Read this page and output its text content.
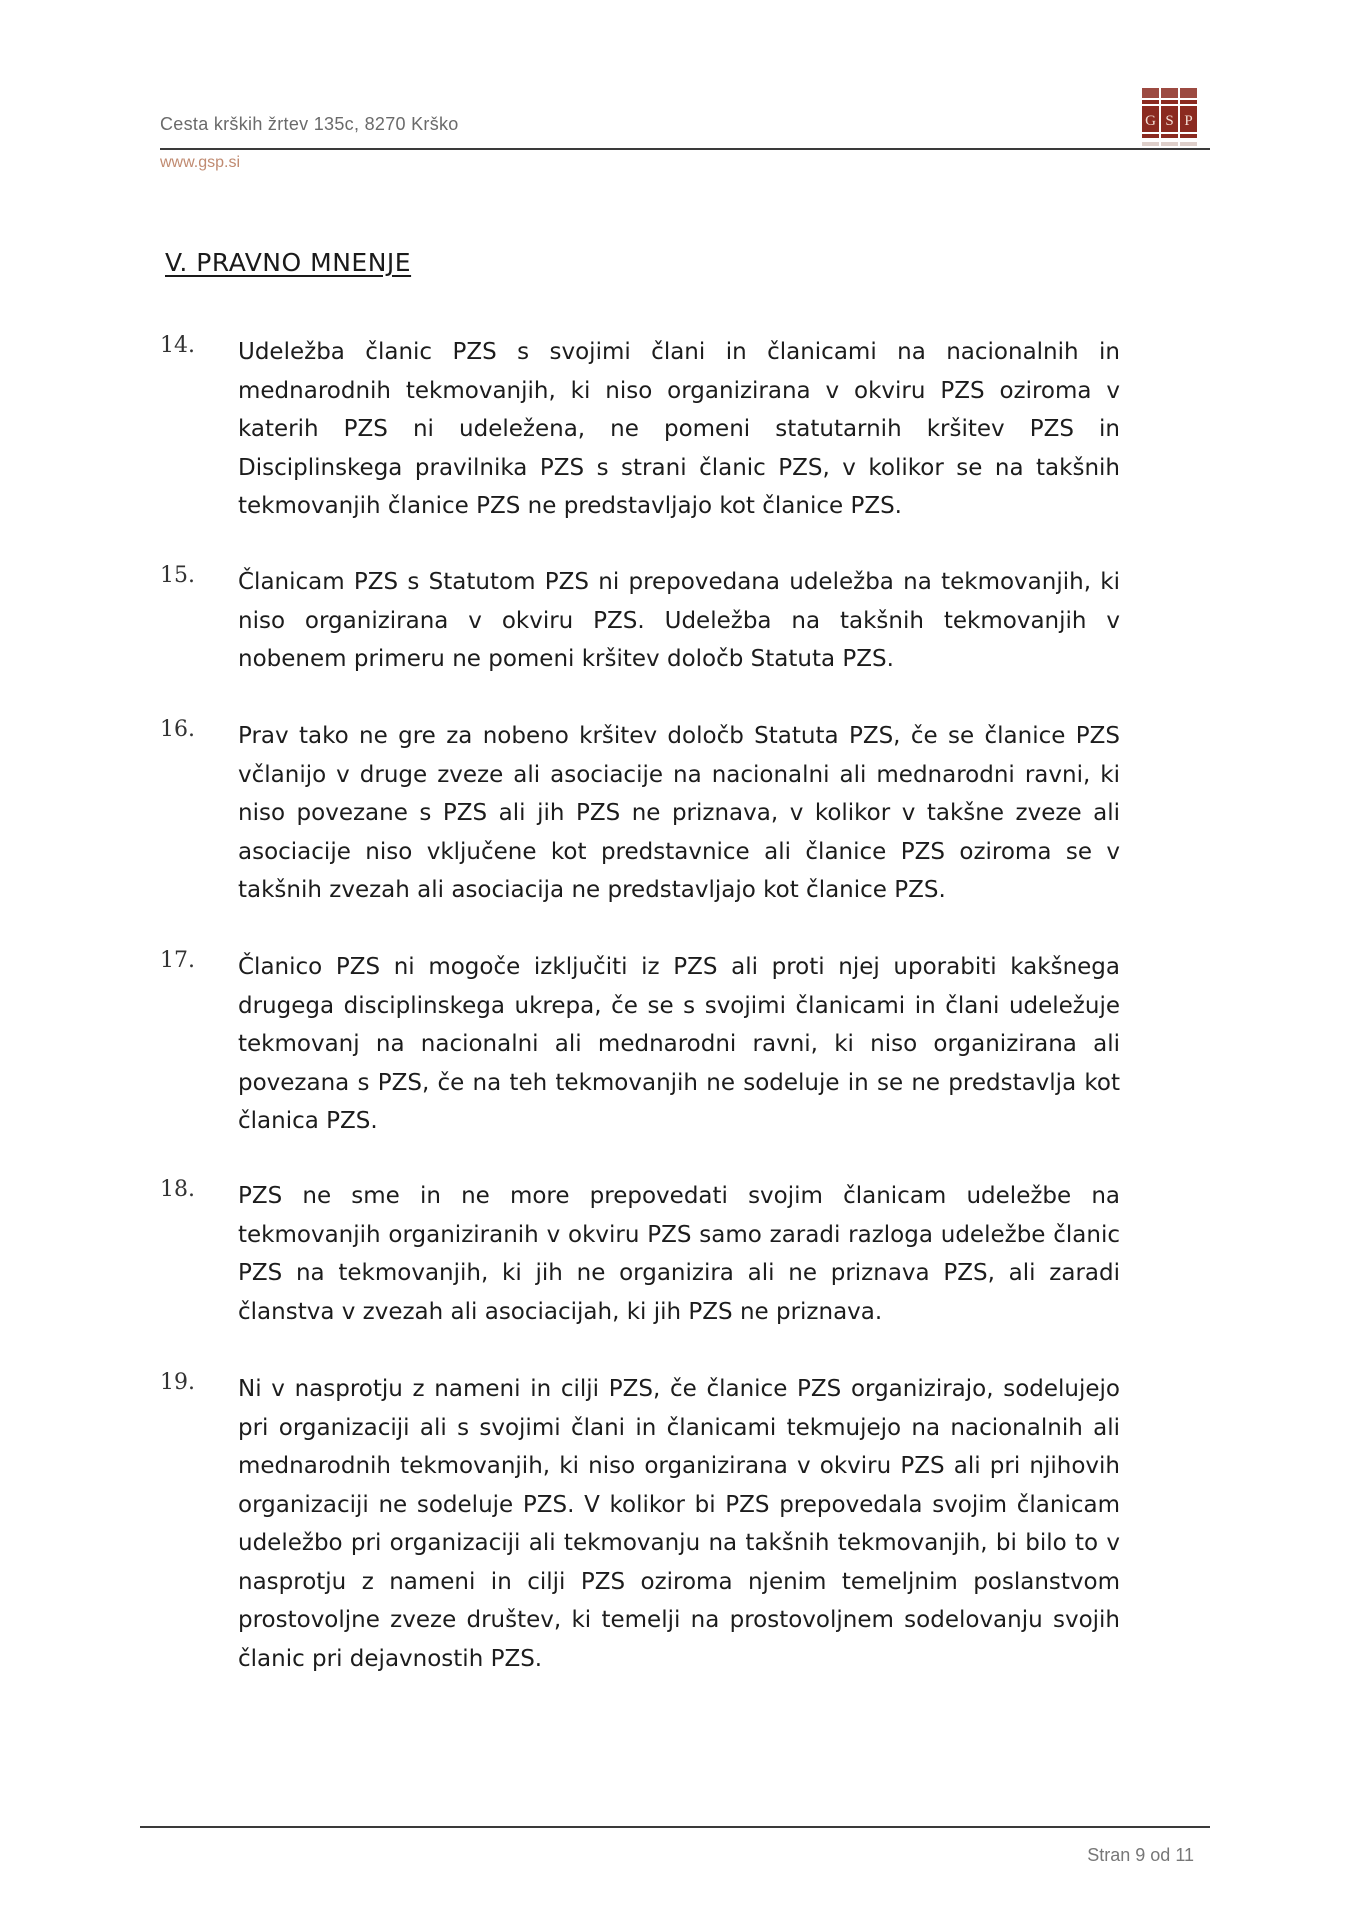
Cesta krških žrtev 135c, 8270 Krško
www.gsp.si
G S P
V. PRAVNO MNENJE
14. Udeležba članic PZS s svojimi člani in članicami na nacionalnih in mednarodnih tekmovanjih, ki niso organizirana v okviru PZS oziroma v katerih PZS ni udeležena, ne pomeni statutarnih kršitev PZS in Disciplinskega pravilnika PZS s strani članic PZS, v kolikor se na takšnih tekmovanjih članice PZS ne predstavljajo kot članice PZS.
15. Članicam PZS s Statutom PZS ni prepovedana udeležba na tekmovanjih, ki niso organizirana v okviru PZS. Udeležba na takšnih tekmovanjih v nobenem primeru ne pomeni kršitev določb Statuta PZS.
16. Prav tako ne gre za nobeno kršitev določb Statuta PZS, če se članice PZS včlanijo v druge zveze ali asociacije na nacionalni ali mednarodni ravni, ki niso povezane s PZS ali jih PZS ne priznava, v kolikor v takšne zveze ali asociacije niso vključene kot predstavnice ali članice PZS oziroma se v takšnih zvezah ali asociacija ne predstavljajo kot članice PZS.
17. Članico PZS ni mogoče izključiti iz PZS ali proti njej uporabiti kakšnega drugega disciplinskega ukrepa, če se s svojimi članicami in člani udeležuje tekmovanj na nacionalni ali mednarodni ravni, ki niso organizirana ali povezana s PZS, če na teh tekmovanjih ne sodeluje in se ne predstavlja kot članica PZS.
18. PZS ne sme in ne more prepovedati svojim članicam udeležbe na tekmovanjih organiziranih v okviru PZS samo zaradi razloga udeležbe članic PZS na tekmovanjih, ki jih ne organizira ali ne priznava PZS, ali zaradi članstva v zvezah ali asociacijah, ki jih PZS ne priznava.
19. Ni v nasprotju z nameni in cilji PZS, če članice PZS organizirajo, sodelujejo pri organizaciji ali s svojimi člani in članicami tekmujejo na nacionalnih ali mednarodnih tekmovanjih, ki niso organizirana v okviru PZS ali pri njihovih organizaciji ne sodeluje PZS. V kolikor bi PZS prepovedala svojim članicam udeležbo pri organizaciji ali tekmovanju na takšnih tekmovanjih, bi bilo to v nasprotju z nameni in cilji PZS oziroma njenim temeljnim poslanstvom prostovoljne zveze društev, ki temelji na prostovoljnem sodelovanju svojih članic pri dejavnostih PZS.
Stran 9 od 11
